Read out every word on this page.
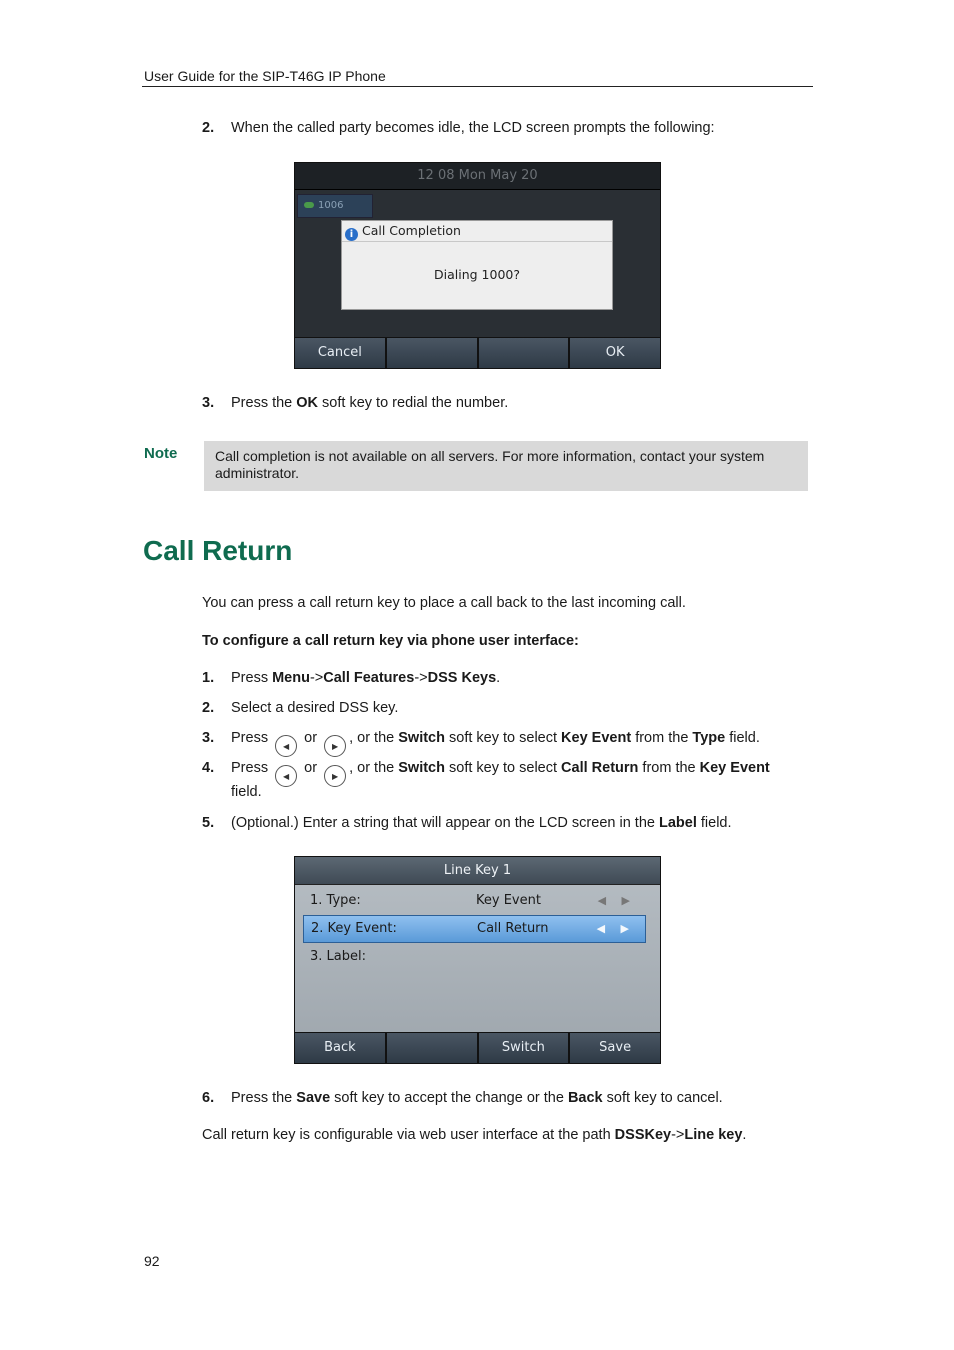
User Guide for the SIP-T46G IP Phone
2. When the called party becomes idle, the LCD screen prompts the following:
12 08 Mon May 20
1006
i Call Completion
Dialing 1000?
Cancel	OK
3. Press the OK soft key to redial the number.
Note	Call completion is not available on all servers. For more information, contact your system administrator.
Call Return
You can press a call return key to place a call back to the last incoming call.
To configure a call return key via phone user interface:
1. Press Menu->Call Features->DSS Keys.
2. Select a desired DSS key.
3. Press ◀ or ▶, or the Switch soft key to select Key Event from the Type field.
4. Press ◀ or ▶, or the Switch soft key to select Call Return from the Key Event
field.
5. (Optional.) Enter a string that will appear on the LCD screen in the Label field.
Line Key 1
1. Type:	Key Event	◀ ▶
2. Key Event:	Call Return	◀ ▶
3. Label:
Back	Switch	Save
6. Press the Save soft key to accept the change or the Back soft key to cancel.
Call return key is configurable via web user interface at the path DSSKey->Line key.
92
